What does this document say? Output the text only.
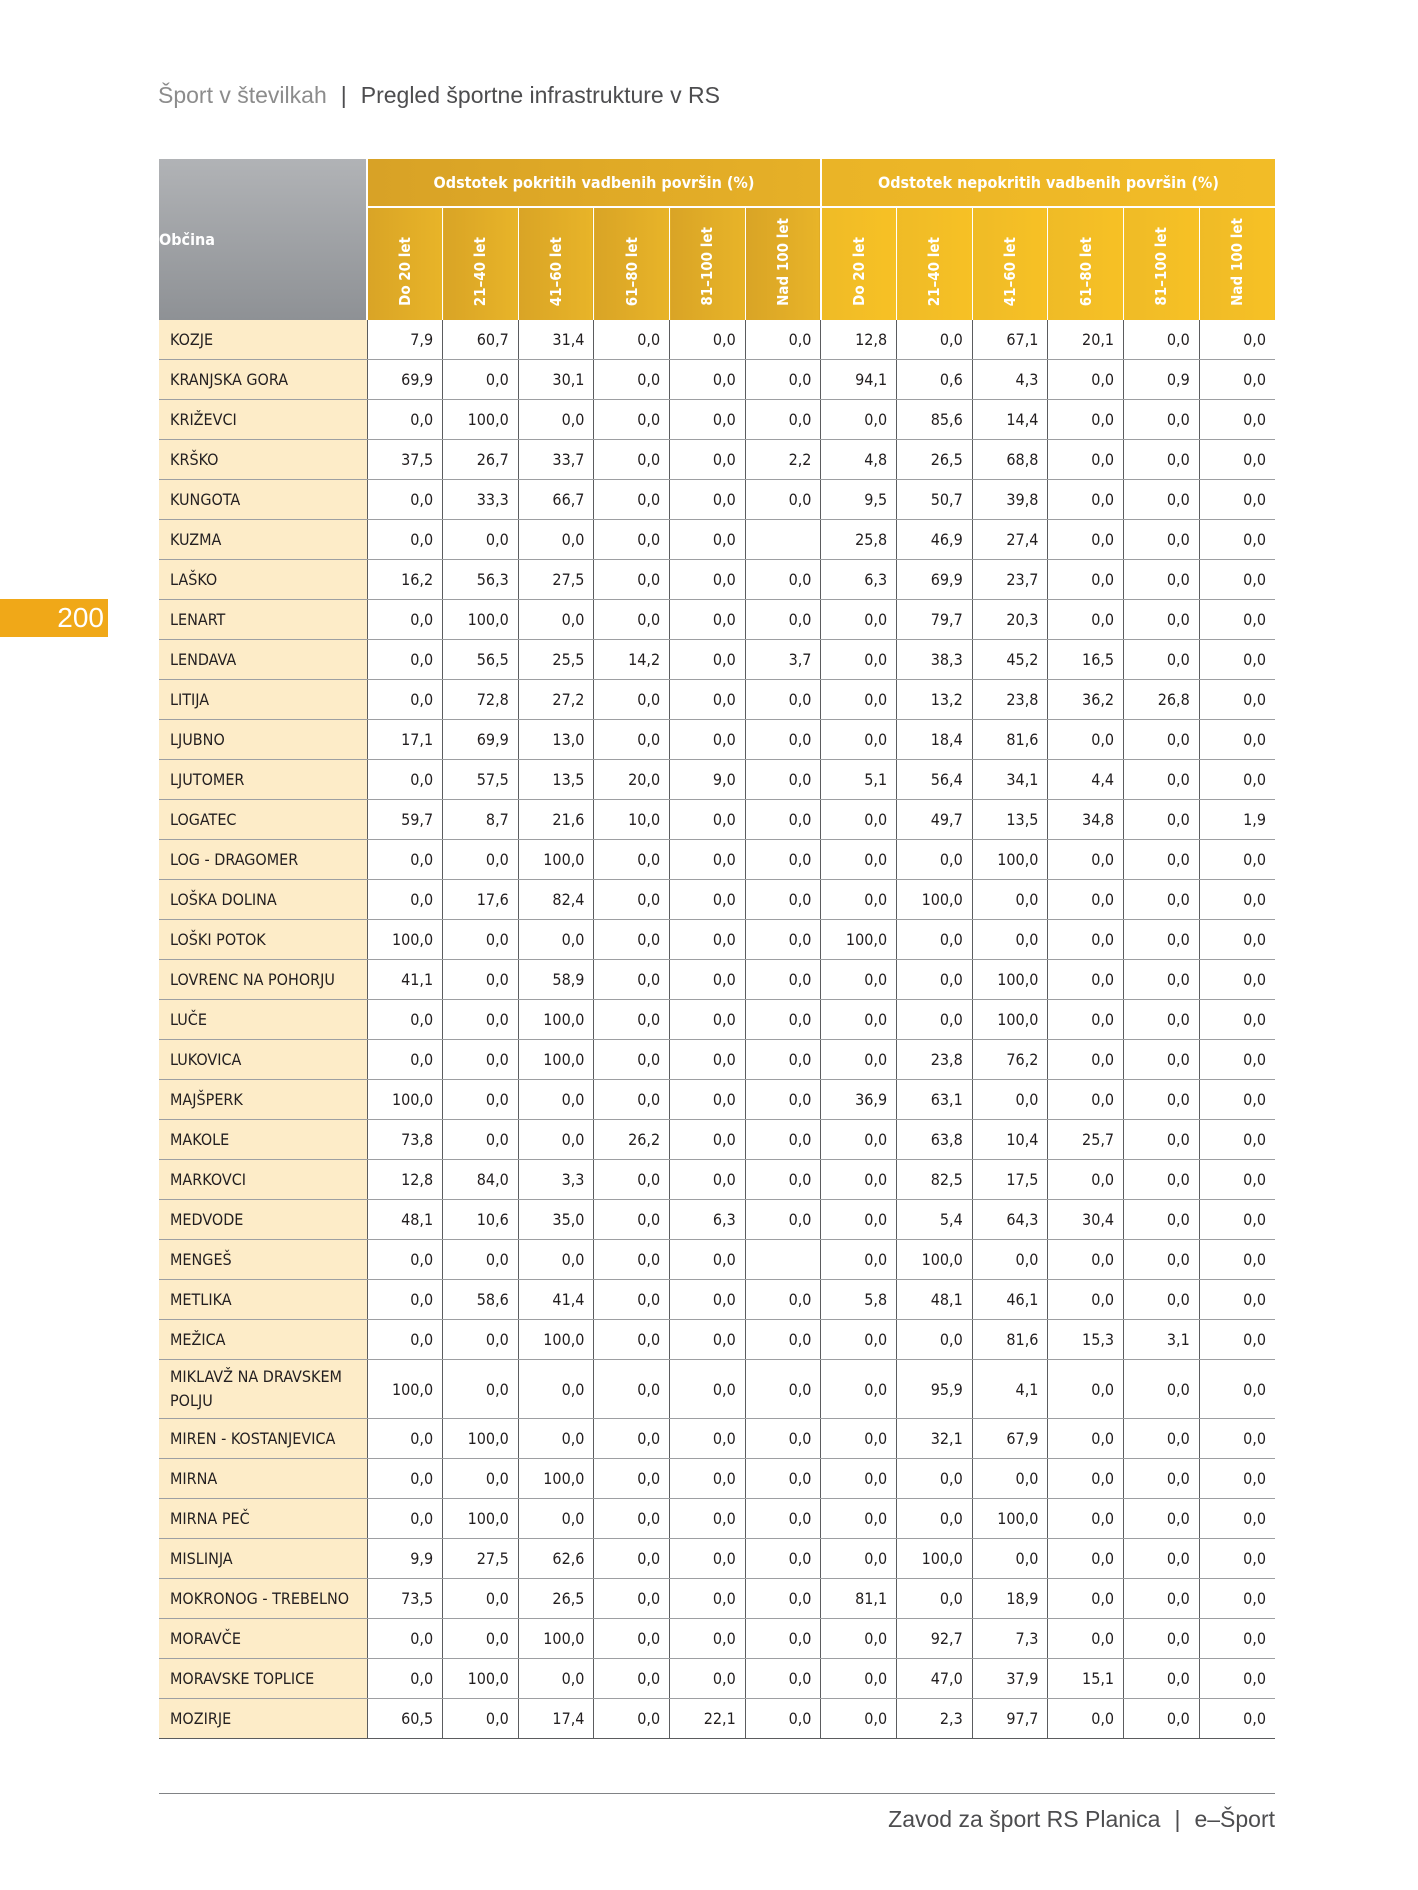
Šport v številkah | Pregled športne infrastrukture v RS
200
Občina	Odstotek pokritih vadbenih površin (%)						Odstotek nepokritih vadbenih površin (%)					
	Do 20 let	21–40 let	41–60 let	61–80 let	81–100 let	Nad 100 let	Do 20 let	21–40 let	41–60 let	61–80 let	81–100 let	Nad 100 let
KOZJE	7,9	60,7	31,4	0,0	0,0	0,0	12,8	0,0	67,1	20,1	0,0	0,0
KRANJSKA GORA	69,9	0,0	30,1	0,0	0,0	0,0	94,1	0,6	4,3	0,0	0,9	0,0
KRIŽEVCI	0,0	100,0	0,0	0,0	0,0	0,0	0,0	85,6	14,4	0,0	0,0	0,0
KRŠKO	37,5	26,7	33,7	0,0	0,0	2,2	4,8	26,5	68,8	0,0	0,0	0,0
KUNGOTA	0,0	33,3	66,7	0,0	0,0	0,0	9,5	50,7	39,8	0,0	0,0	0,0
KUZMA	0,0	0,0	0,0	0,0	0,0		25,8	46,9	27,4	0,0	0,0	0,0
LAŠKO	16,2	56,3	27,5	0,0	0,0	0,0	6,3	69,9	23,7	0,0	0,0	0,0
LENART	0,0	100,0	0,0	0,0	0,0	0,0	0,0	79,7	20,3	0,0	0,0	0,0
LENDAVA	0,0	56,5	25,5	14,2	0,0	3,7	0,0	38,3	45,2	16,5	0,0	0,0
LITIJA	0,0	72,8	27,2	0,0	0,0	0,0	0,0	13,2	23,8	36,2	26,8	0,0
LJUBNO	17,1	69,9	13,0	0,0	0,0	0,0	0,0	18,4	81,6	0,0	0,0	0,0
LJUTOMER	0,0	57,5	13,5	20,0	9,0	0,0	5,1	56,4	34,1	4,4	0,0	0,0
LOGATEC	59,7	8,7	21,6	10,0	0,0	0,0	0,0	49,7	13,5	34,8	0,0	1,9
LOG - DRAGOMER	0,0	0,0	100,0	0,0	0,0	0,0	0,0	0,0	100,0	0,0	0,0	0,0
LOŠKA DOLINA	0,0	17,6	82,4	0,0	0,0	0,0	0,0	100,0	0,0	0,0	0,0	0,0
LOŠKI POTOK	100,0	0,0	0,0	0,0	0,0	0,0	100,0	0,0	0,0	0,0	0,0	0,0
LOVRENC NA POHORJU	41,1	0,0	58,9	0,0	0,0	0,0	0,0	0,0	100,0	0,0	0,0	0,0
LUČE	0,0	0,0	100,0	0,0	0,0	0,0	0,0	0,0	100,0	0,0	0,0	0,0
LUKOVICA	0,0	0,0	100,0	0,0	0,0	0,0	0,0	23,8	76,2	0,0	0,0	0,0
MAJŠPERK	100,0	0,0	0,0	0,0	0,0	0,0	36,9	63,1	0,0	0,0	0,0	0,0
MAKOLE	73,8	0,0	0,0	26,2	0,0	0,0	0,0	63,8	10,4	25,7	0,0	0,0
MARKOVCI	12,8	84,0	3,3	0,0	0,0	0,0	0,0	82,5	17,5	0,0	0,0	0,0
MEDVODE	48,1	10,6	35,0	0,0	6,3	0,0	0,0	5,4	64,3	30,4	0,0	0,0
MENGEŠ	0,0	0,0	0,0	0,0	0,0		0,0	100,0	0,0	0,0	0,0	0,0
METLIKA	0,0	58,6	41,4	0,0	0,0	0,0	5,8	48,1	46,1	0,0	0,0	0,0
MEŽICA	0,0	0,0	100,0	0,0	0,0	0,0	0,0	0,0	81,6	15,3	3,1	0,0
MIKLAVŽ NA DRAVSKEM POLJU	100,0	0,0	0,0	0,0	0,0	0,0	0,0	95,9	4,1	0,0	0,0	0,0
MIREN - KOSTANJEVICA	0,0	100,0	0,0	0,0	0,0	0,0	0,0	32,1	67,9	0,0	0,0	0,0
MIRNA	0,0	0,0	100,0	0,0	0,0	0,0	0,0	0,0	0,0	0,0	0,0	0,0
MIRNA PEČ	0,0	100,0	0,0	0,0	0,0	0,0	0,0	0,0	100,0	0,0	0,0	0,0
MISLINJA	9,9	27,5	62,6	0,0	0,0	0,0	0,0	100,0	0,0	0,0	0,0	0,0
MOKRONOG - TREBELNO	73,5	0,0	26,5	0,0	0,0	0,0	81,1	0,0	18,9	0,0	0,0	0,0
MORAVČE	0,0	0,0	100,0	0,0	0,0	0,0	0,0	92,7	7,3	0,0	0,0	0,0
MORAVSKE TOPLICE	0,0	100,0	0,0	0,0	0,0	0,0	0,0	47,0	37,9	15,1	0,0	0,0
MOZIRJE	60,5	0,0	17,4	0,0	22,1	0,0	0,0	2,3	97,7	0,0	0,0	0,0
Zavod za šport RS Planica | e–Šport
